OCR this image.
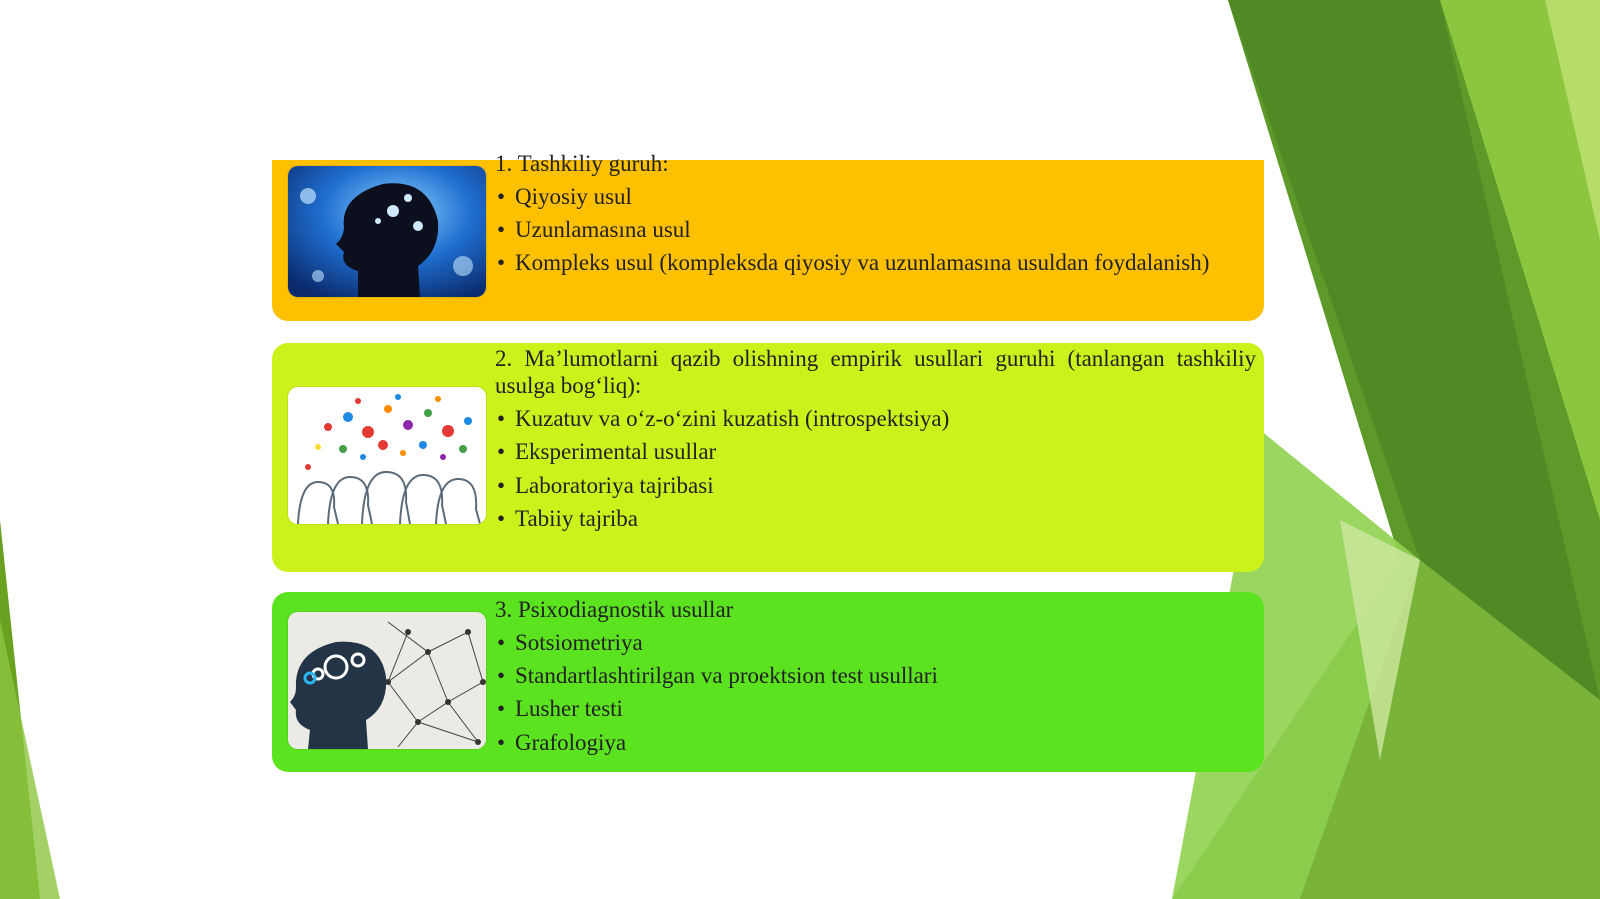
1. Tashkiliy guruh:

• Qiyosiy usul
• Uzunlamasına usul
• Kompleks usul (kompleksda qiyosiy va uzunlamasına usuldan foydalanish)

2. Ma’lumotlarni qazib olishning empirik usullari guruhi (tanlangan tashkiliy usulga bog‘liq):

• Kuzatuv va o‘z-o‘zini kuzatish (introspektsiya)
• Eksperimental usullar
• Laboratoriya tajribasi
• Tabiiy tajriba

3. Psixodiagnostik usullar

• Sotsiometriya
• Standartlashtirilgan va proektsion test usullari
• Lusher testi
• Grafologiya
